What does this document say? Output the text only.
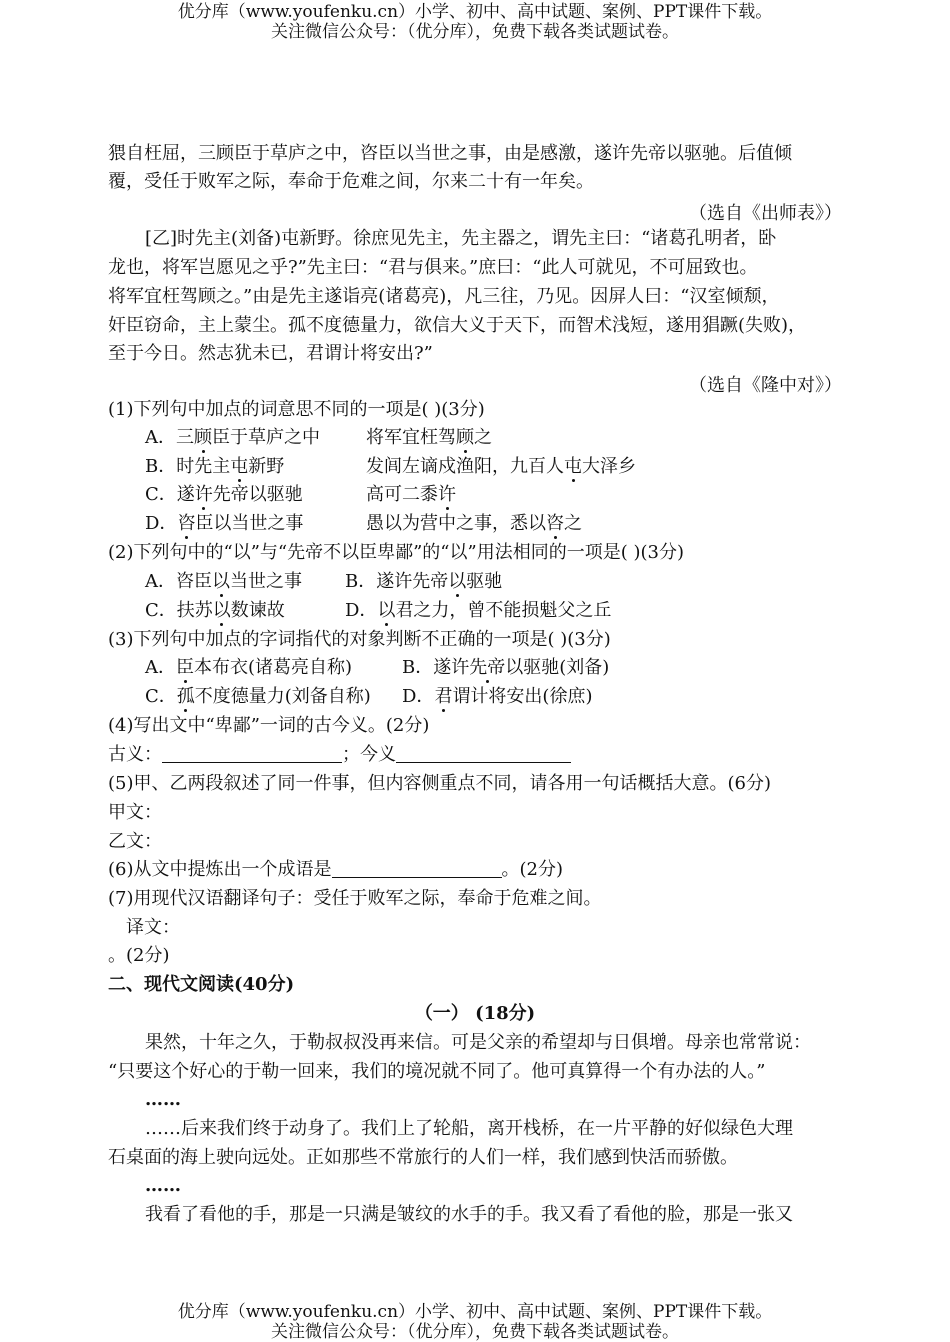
优分库（www.youfenku.cn）小学、初中、高中试题、案例、PPT课件下载。
关注微信公众号：（优分库），免费下载各类试题试卷。
猥自枉屈，三顾臣于草庐之中，咨臣以当世之事，由是感激，遂许先帝以驱驰。后值倾
覆，受任于败军之际，奉命于危难之间，尔来二十有一年矣。
（选自《出师表》）
[乙]时先主(刘备)屯新野。徐庶见先主，先主器之，谓先主曰：“诸葛孔明者，卧
龙也，将军岂愿见之乎?”先主曰：“君与俱来。”庶曰：“此人可就见，不可屈致也。
将军宜枉驾顾之。”由是先主遂诣亮(诸葛亮)，凡三往，乃见。因屏人曰：“汉室倾颓，
奸臣窃命，主上蒙尘。孤不度德量力，欲信大义于天下，而智术浅短，遂用猖蹶(失败)，
至于今日。然志犹未已，君谓计将安出?”
（选自《隆中对》）
(1)下列句中加点的词意思不同的一项是( )(3分)
A．三顾臣于草庐之中	将军宜枉驾顾之
B．时先主屯新野	发闾左谪戍渔阳，九百人屯大泽乡
C．遂许先帝以驱驰	高可二黍许
D．咨臣以当世之事	愚以为营中之事，悉以咨之
(2)下列句中的“以”与“先帝不以臣卑鄙”的“以”用法相同的一项是( )(3分)
A．咨臣以当世之事 B．遂许先帝以驱驰
C．扶苏以数谏故	D．以君之力，曾不能损魁父之丘
(3)下列句中加点的字词指代的对象判断不正确的一项是( )(3分)
A．臣本布衣(诸葛亮自称)	B．遂许先帝以驱驰(刘备)
C．孤不度德量力(刘备自称) D．君谓计将安出(徐庶)
(4)写出文中“卑鄙”一词的古今义。(2分)
古义：	；今义
(5)甲、乙两段叙述了同一件事，但内容侧重点不同，请各用一句话概括大意。(6分)
甲文：
乙文：
(6)从文中提炼出一个成语是	。(2分)
(7)用现代汉语翻译句子：受任于败军之际，奉命于危难之间。
译文：
。(2分)
二、现代文阅读(40分)
（一） (18分)
果然，十年之久，于勒叔叔没再来信。可是父亲的希望却与日俱增。母亲也常常说：
“只要这个好心的于勒一回来，我们的境况就不同了。他可真算得一个有办法的人。”
……
……后来我们终于动身了。我们上了轮船，离开栈桥，在一片平静的好似绿色大理
石桌面的海上驶向远处。正如那些不常旅行的人们一样，我们感到快活而骄傲。
……
我看了看他的手，那是一只满是皱纹的水手的手。我又看了看他的脸，那是一张又
优分库（www.youfenku.cn）小学、初中、高中试题、案例、PPT课件下载。
关注微信公众号：（优分库），免费下载各类试题试卷。
